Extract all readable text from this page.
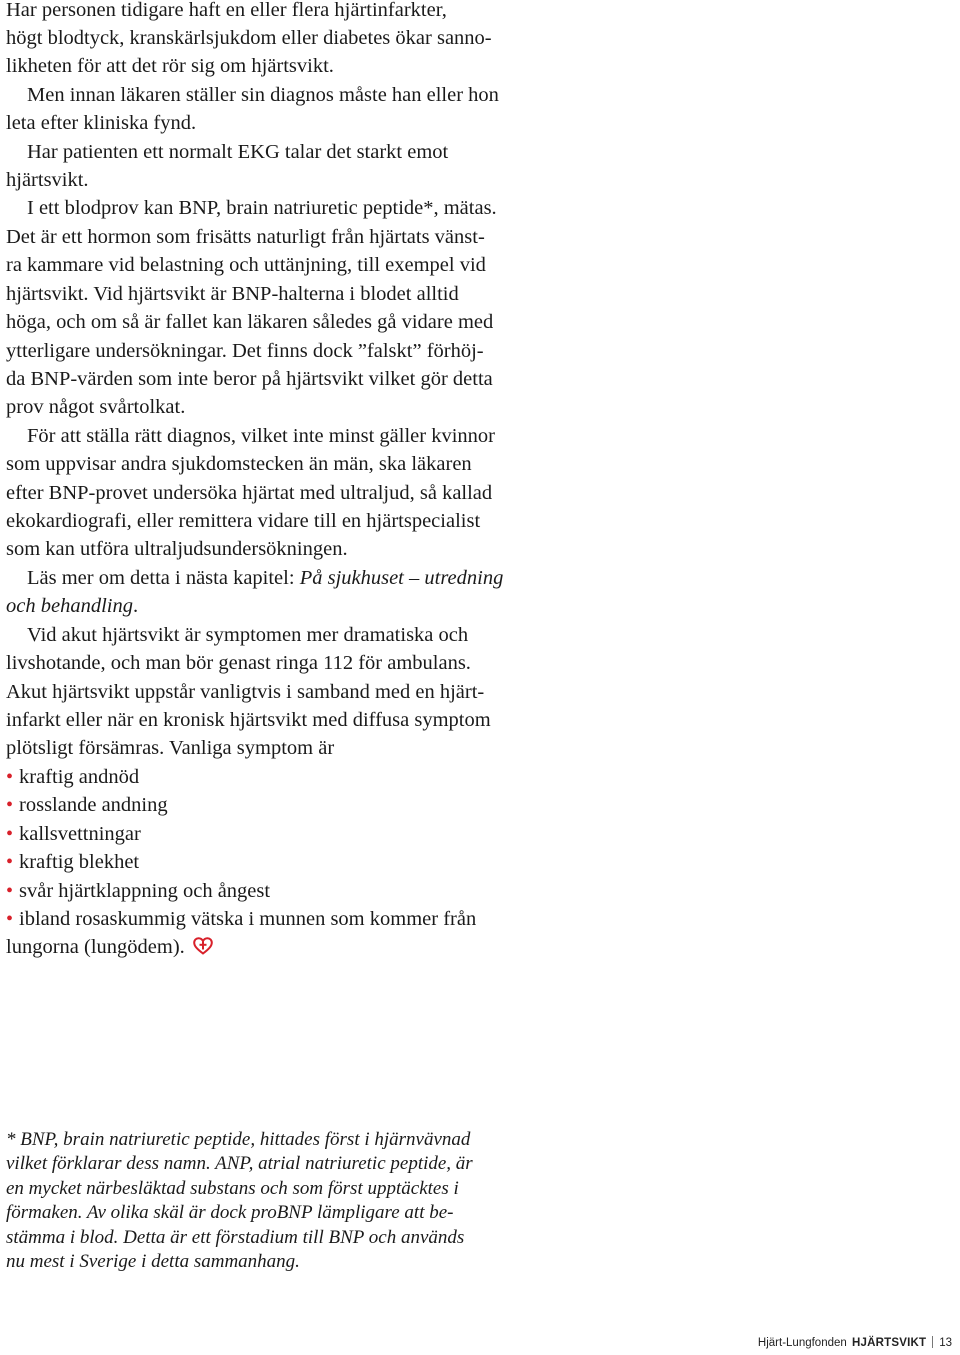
Har personen tidigare haft en eller flera hjärtinfarkter,
högt blodtyck, kranskärlsjukdom eller diabetes ökar sanno-
likheten för att det rör sig om hjärtsvikt.
Men innan läkaren ställer sin diagnos måste han eller hon
leta efter kliniska fynd.
Har patienten ett normalt EKG talar det starkt emot
hjärtsvikt.
I ett blodprov kan BNP, brain natriuretic peptide*, mätas.
Det är ett hormon som frisätts naturligt från hjärtats vänst-
ra kammare vid belastning och uttänjning, till exempel vid
hjärtsvikt. Vid hjärtsvikt är BNP-halterna i blodet alltid
höga, och om så är fallet kan läkaren således gå vidare med
ytterligare undersökningar. Det finns dock ”falskt” förhöj-
da BNP-värden som inte beror på hjärtsvikt vilket gör detta
prov något svårtolkat.
För att ställa rätt diagnos, vilket inte minst gäller kvinnor
som uppvisar andra sjukdomstecken än män, ska läkaren
efter BNP-provet undersöka hjärtat med ultraljud, så kallad
ekokardiografi, eller remittera vidare till en hjärtspecialist
som kan utföra ultraljudsundersökningen.
Läs mer om detta i nästa kapitel: På sjukhuset – utredning
och behandling.
Vid akut hjärtsvikt är symptomen mer dramatiska och
livshotande, och man bör genast ringa 112 för ambulans.
Akut hjärtsvikt uppstår vanligtvis i samband med en hjärt-
infarkt eller när en kronisk hjärtsvikt med diffusa symptom
plötsligt försämras. Vanliga symptom är
• kraftig andnöd
• rosslande andning
• kallsvettningar
• kraftig blekhet
• svår hjärtklappning och ångest
• ibland rosaskummig vätska i munnen som kommer från
lungorna (lungödem).
* BNP, brain natriuretic peptide, hittades först i hjärnvävnad
vilket förklarar dess namn. ANP, atrial natriuretic peptide, är
en mycket närbesläktad substans och som först upptäcktes i
förmaken. Av olika skäl är dock proBNP lämpligare att be-
stämma i blod. Detta är ett förstadium till BNP och används
nu mest i Sverige i detta sammanhang.
Hjärt-Lungfonden HJÄRTSVIKT 13
